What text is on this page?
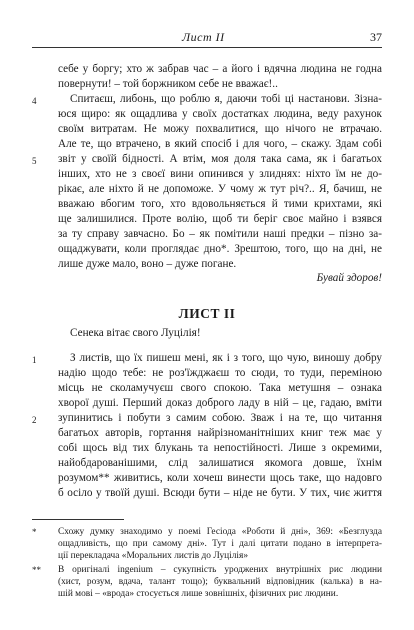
Лист ІІ	37
себе у боргу; хто ж забрав час – а його і вдячна людина не годна
повернути! – той боржником себе не вважає!..
Спитаєш, либонь, що роблю я, даючи тобі ці настанови. Зізна-
юся щиро: як ощадлива у своїх достатках людина, веду рахунок
своїм витратам. Не можу похвалитися, що нічого не втрачаю.
Але те, що втрачено, в який спосіб і для чого, – скажу. Здам собі
звіт у своїй бідності. А втім, моя доля така сама, як і багатьох
інших, хто не з своєї вини опинився у злиднях: ніхто їм не до-
рікає, але ніхто й не допоможе. У чому ж тут річ?.. Я, бачиш, не
вважаю вбогим того, хто вдовольняється й тими крихтами, які
ще залишилися. Проте волію, щоб ти беріг своє майно і взявся
за ту справу завчасно. Бо – як помітили наші предки – пізно за-
ощаджувати, коли проглядає дно*. Зрештою, того, що на дні, не
лише дуже мало, воно – дуже погане.
4
5
Бувай здоров!
ЛИСТ ІІ
Сенека вітає свого Луцілія!
З листів, що їх пишеш мені, як і з того, що чую, виношу добру
надію щодо тебе: не роз'їжджаєш то сюди, то туди, переміною
місць не сколамучуєш свого спокою. Така метушня – ознака
хворої душі. Перший доказ доброго ладу в ній – це, гадаю, вміти
зупинитись і побути з самим собою. Зваж і на те, що читання
багатьох авторів, гортання найрізноманітніших книг теж має у
собі щось від тих блукань та непостійності. Лише з окремими,
найобдарованішими, слід залишатися якомога довше, їхнім
розумом** живитись, коли хочеш винести щось таке, що надовго
б осіло у твоїй душі. Всюди бути – ніде не бути. У тих, чиє життя
1
2
* Схожу думку знаходимо у поемі Гесіода «Роботи й дні», 369: «Безглузда
ощадливість, що при самому дні». Тут і далі цитати подано в інтерпрета-
ції перекладача «Моральних листів до Луцілія»
** В оригіналі ingenium – сукупність уроджених внутрішніх рис людини
(хист, розум, вдача, талант тощо); буквальний відповідник (калька) в на-
шій мові – «врода» стосується лише зовнішніх, фізичних рис людини.
